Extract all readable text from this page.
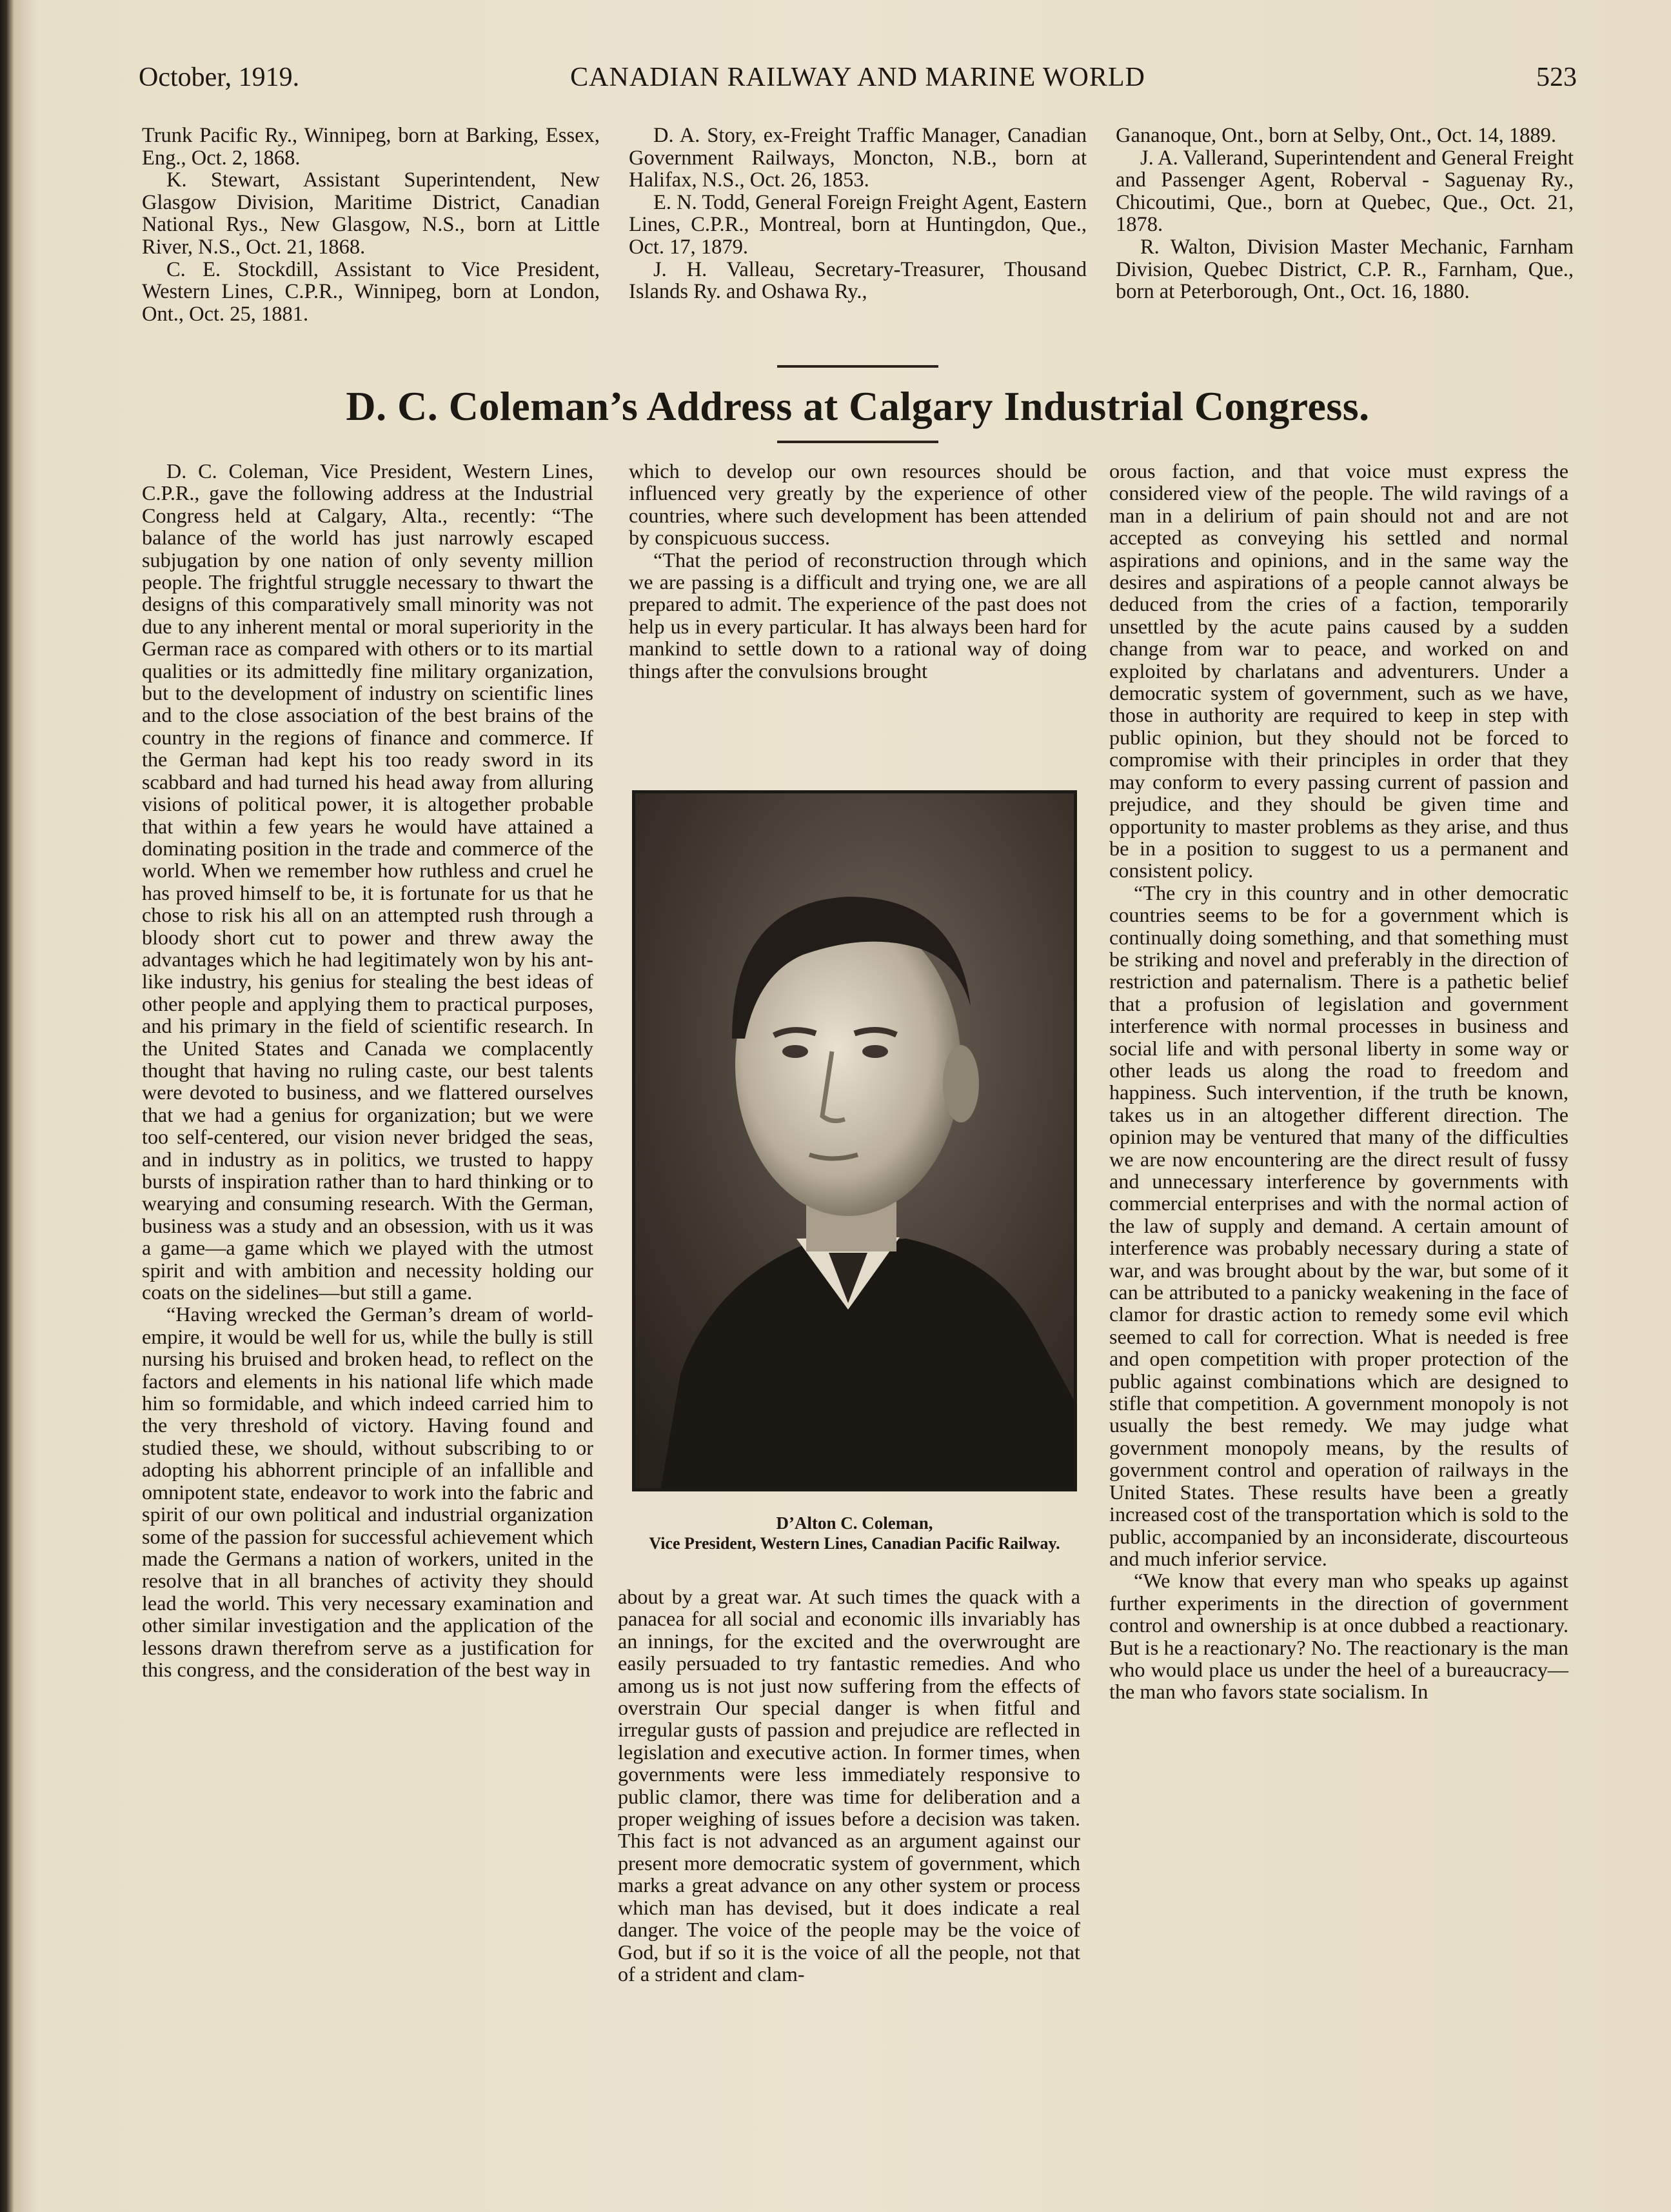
October, 1919.	CANADIAN RAILWAY AND MARINE WORLD	523

Trunk Pacific Ry., Winnipeg, born at Barking, Essex, Eng., Oct. 2, 1868.

K. Stewart, Assistant Superintendent, New Glasgow Division, Maritime District, Canadian National Rys., New Glasgow, N.S., born at Little River, N.S., Oct. 21, 1868.

C. E. Stockdill, Assistant to Vice President, Western Lines, C.P.R., Winnipeg, born at London, Ont., Oct. 25, 1881.

D. A. Story, ex-Freight Traffic Manager, Canadian Government Railways, Moncton, N.B., born at Halifax, N.S., Oct. 26, 1853.

E. N. Todd, General Foreign Freight Agent, Eastern Lines, C.P.R., Montreal, born at Huntingdon, Que., Oct. 17, 1879.

J. H. Valleau, Secretary-Treasurer, Thousand Islands Ry. and Oshawa Ry.,

Gananoque, Ont., born at Selby, Ont., Oct. 14, 1889.

J. A. Vallerand, Superintendent and General Freight and Passenger Agent, Roberval - Saguenay Ry., Chicoutimi, Que., born at Quebec, Que., Oct. 21, 1878.

R. Walton, Division Master Mechanic, Farnham Division, Quebec District, C.P. R., Farnham, Que., born at Peterborough, Ont., Oct. 16, 1880.

D. C. Coleman’s Address at Calgary Industrial Congress.

D. C. Coleman, Vice President, Western Lines, C.P.R., gave the following address at the Industrial Congress held at Calgary, Alta., recently: “The balance of the world has just narrowly escaped subjugation by one nation of only seventy million people. The frightful struggle necessary to thwart the designs of this comparatively small minority was not due to any inherent mental or moral superiority in the German race as compared with others or to its martial qualities or its admittedly fine military organization, but to the development of industry on scientific lines and to the close association of the best brains of the country in the regions of finance and commerce. If the German had kept his too ready sword in its scabbard and had turned his head away from alluring visions of political power, it is altogether probable that within a few years he would have attained a dominating position in the trade and commerce of the world. When we remember how ruthless and cruel he has proved himself to be, it is fortunate for us that he chose to risk his all on an attempted rush through a bloody short cut to power and threw away the advantages which he had legitimately won by his ant-like industry, his genius for stealing the best ideas of other people and applying them to practical purposes, and his primary in the field of scientific research. In the United States and Canada we complacently thought that having no ruling caste, our best talents were devoted to business, and we flattered ourselves that we had a genius for organization; but we were too self-centered, our vision never bridged the seas, and in industry as in politics, we trusted to happy bursts of inspiration rather than to hard thinking or to wearying and consuming research. With the German, business was a study and an obsession, with us it was a game—a game which we played with the utmost spirit and with ambition and necessity holding our coats on the sidelines—but still a game.

“Having wrecked the German’s dream of world-empire, it would be well for us, while the bully is still nursing his bruised and broken head, to reflect on the factors and elements in his national life which made him so formidable, and which indeed carried him to the very threshold of victory. Having found and studied these, we should, without subscribing to or adopting his abhorrent principle of an infallible and omnipotent state, endeavor to work into the fabric and spirit of our own political and industrial organization some of the passion for successful achievement which made the Germans a nation of workers, united in the resolve that in all branches of activity they should lead the world. This very necessary examination and other similar investigation and the application of the lessons drawn therefrom serve as a justification for this congress, and the consideration of the best way in

which to develop our own resources should be influenced very greatly by the experience of other countries, where such development has been attended by conspicuous success.

“That the period of reconstruction through which we are passing is a difficult and trying one, we are all prepared to admit. The experience of the past does not help us in every particular. It has always been hard for mankind to settle down to a rational way of doing things after the convulsions brought

D’Alton C. Coleman,
Vice President, Western Lines, Canadian Pacific Railway.

about by a great war. At such times the quack with a panacea for all social and economic ills invariably has an innings, for the excited and the overwrought are easily persuaded to try fantastic remedies. And who among us is not just now suffering from the effects of overstrain Our special danger is when fitful and irregular gusts of passion and prejudice are reflected in legislation and executive action. In former times, when governments were less immediately responsive to public clamor, there was time for deliberation and a proper weighing of issues before a decision was taken. This fact is not advanced as an argument against our present more democratic system of government, which marks a great advance on any other system or process which man has devised, but it does indicate a real danger. The voice of the people may be the voice of God, but if so it is the voice of all the people, not that of a strident and clam-

orous faction, and that voice must express the considered view of the people. The wild ravings of a man in a delirium of pain should not and are not accepted as conveying his settled and normal aspirations and opinions, and in the same way the desires and aspirations of a people cannot always be deduced from the cries of a faction, temporarily unsettled by the acute pains caused by a sudden change from war to peace, and worked on and exploited by charlatans and adventurers. Under a democratic system of government, such as we have, those in authority are required to keep in step with public opinion, but they should not be forced to compromise with their principles in order that they may conform to every passing current of passion and prejudice, and they should be given time and opportunity to master problems as they arise, and thus be in a position to suggest to us a permanent and consistent policy.

“The cry in this country and in other democratic countries seems to be for a government which is continually doing something, and that something must be striking and novel and preferably in the direction of restriction and paternalism. There is a pathetic belief that a profusion of legislation and government interference with normal processes in business and social life and with personal liberty in some way or other leads us along the road to freedom and happiness. Such intervention, if the truth be known, takes us in an altogether different direction. The opinion may be ventured that many of the difficulties we are now encountering are the direct result of fussy and unnecessary interference by governments with commercial enterprises and with the normal action of the law of supply and demand. A certain amount of interference was probably necessary during a state of war, and was brought about by the war, but some of it can be attributed to a panicky weakening in the face of clamor for drastic action to remedy some evil which seemed to call for correction. What is needed is free and open competition with proper protection of the public against combinations which are designed to stifle that competition. A government monopoly is not usually the best remedy. We may judge what government monopoly means, by the results of government control and operation of railways in the United States. These results have been a greatly increased cost of the transportation which is sold to the public, accompanied by an inconsiderate, discourteous and much inferior service.

“We know that every man who speaks up against further experiments in the direction of government control and ownership is at once dubbed a reactionary. But is he a reactionary? No. The reactionary is the man who would place us under the heel of a bureaucracy—the man who favors state socialism. In
